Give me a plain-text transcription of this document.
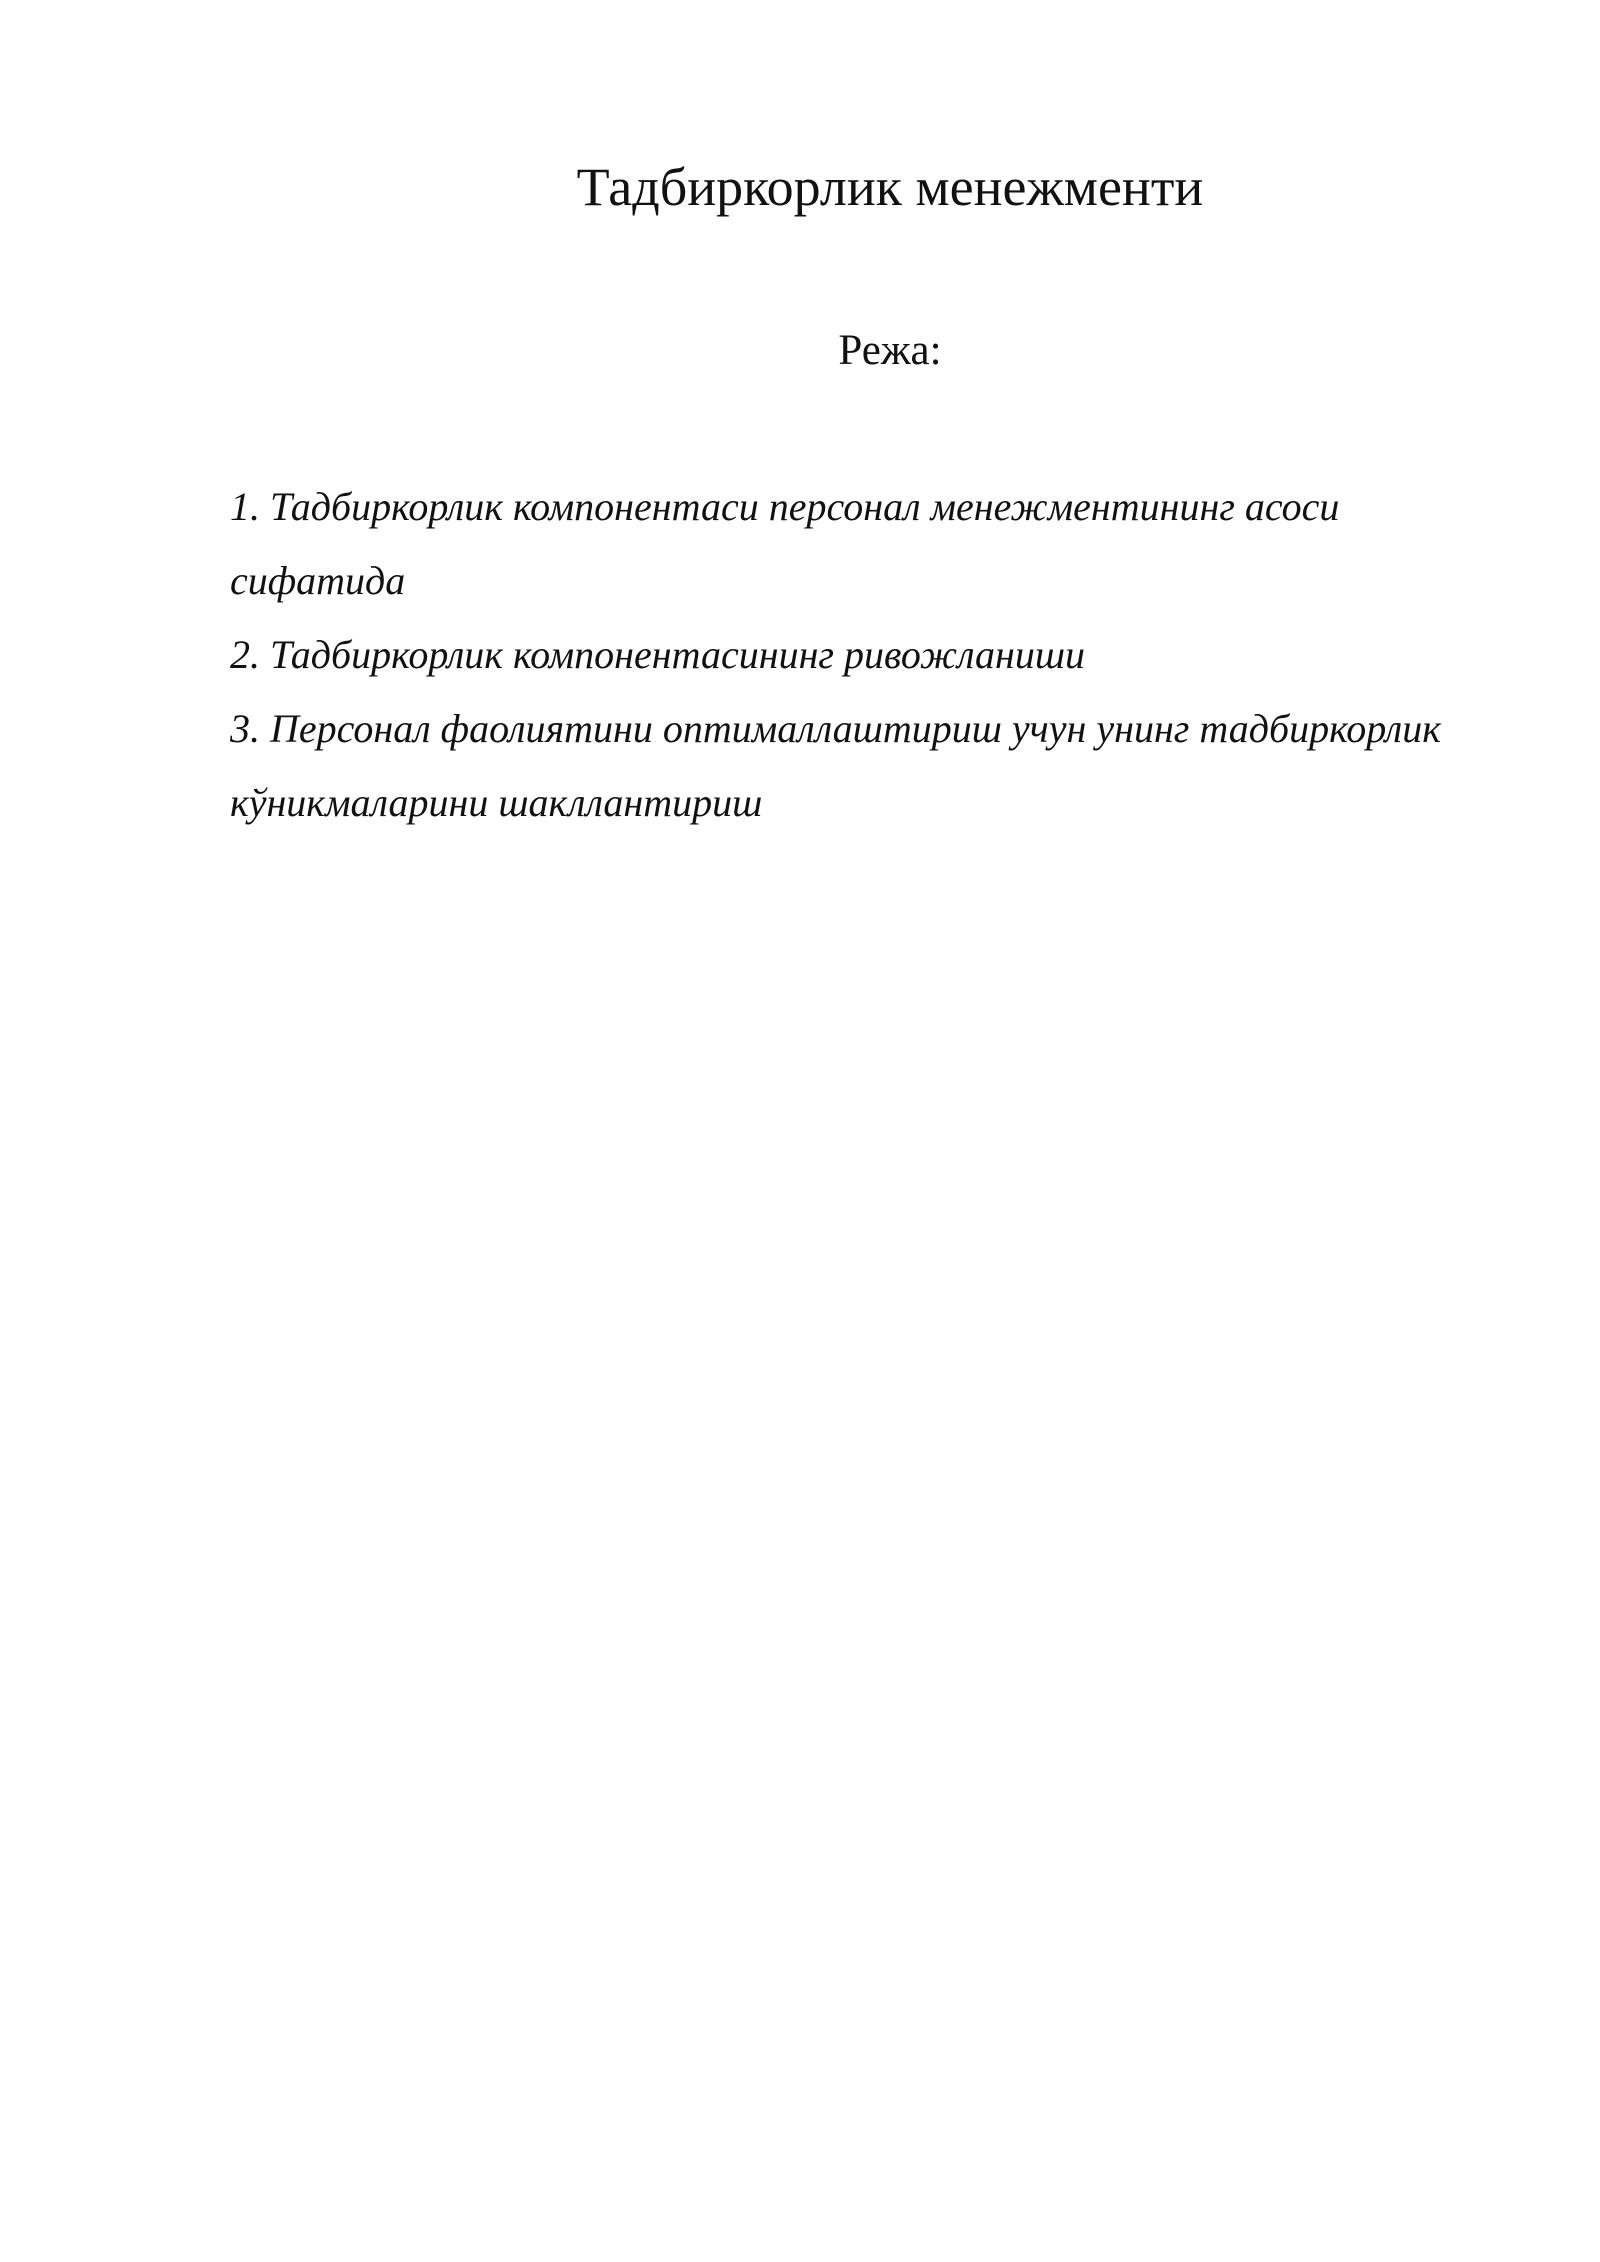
Тадбиркорлик менежменти

Режа:

1. Тадбиркорлик компонентаси персонал менежментининг асоси сифатида
2. Тадбиркорлик компонентасининг ривожланиши
3. Персонал фаолиятини оптималлаштириш учун унинг тадбиркорлик кўникмаларини шакллантириш
